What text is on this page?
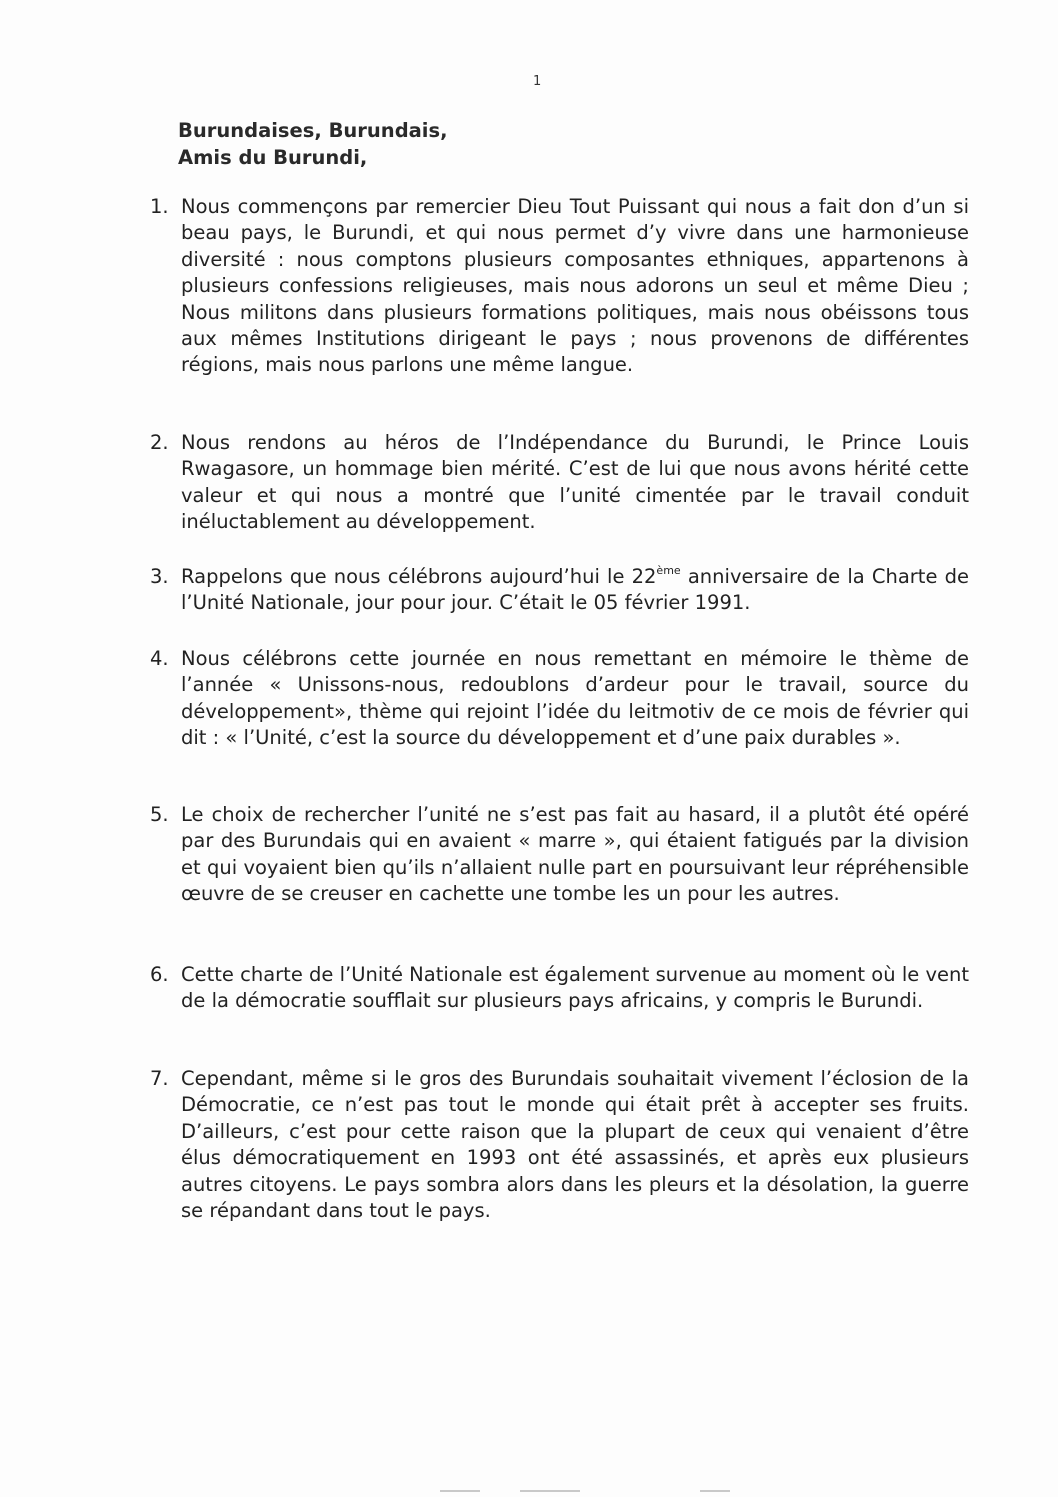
1
Burundaises, Burundais,
Amis du Burundi,
1. Nous commençons par remercier Dieu Tout Puissant qui nous a fait don d’un si beau pays, le Burundi, et qui nous permet d’y vivre dans une harmonieuse diversité : nous comptons plusieurs composantes ethniques, appartenons à plusieurs confessions religieuses, mais nous adorons un seul et même Dieu ; Nous militons dans plusieurs formations politiques, mais nous obéissons tous aux mêmes Institutions dirigeant le pays ; nous provenons de différentes régions, mais nous parlons une même langue.
2. Nous rendons au héros de l’Indépendance du Burundi, le Prince Louis Rwagasore, un hommage bien mérité. C’est de lui que nous avons hérité cette valeur et qui nous a montré que l’unité cimentée par le travail conduit inéluctablement au développement.
3. Rappelons que nous célébrons aujourd’hui le 22ème anniversaire de la Charte de l’Unité Nationale, jour pour jour. C’était le 05 février 1991.
4. Nous célébrons cette journée en nous remettant en mémoire le thème de l’année « Unissons-nous, redoublons d’ardeur pour le travail, source du développement», thème qui rejoint l’idée du leitmotiv de ce mois de février qui dit : « l’Unité, c’est la source du développement et d’une paix durables ».
5. Le choix de rechercher l’unité ne s’est pas fait au hasard, il a plutôt été opéré par des Burundais qui en avaient « marre », qui étaient fatigués par la division et qui voyaient bien qu’ils n’allaient nulle part en poursuivant leur répréhensible œuvre de se creuser en cachette une tombe les un pour les autres.
6. Cette charte de l’Unité Nationale est également survenue au moment où le vent de la démocratie soufflait sur plusieurs pays africains, y compris le Burundi.
7. Cependant, même si le gros des Burundais souhaitait vivement l’éclosion de la Démocratie, ce n’est pas tout le monde qui était prêt à accepter ses fruits. D’ailleurs, c’est pour cette raison que la plupart de ceux qui venaient d’être élus démocratiquement en 1993 ont été assassinés, et après eux plusieurs autres citoyens. Le pays sombra alors dans les pleurs et la désolation, la guerre se répandant dans tout le pays.
